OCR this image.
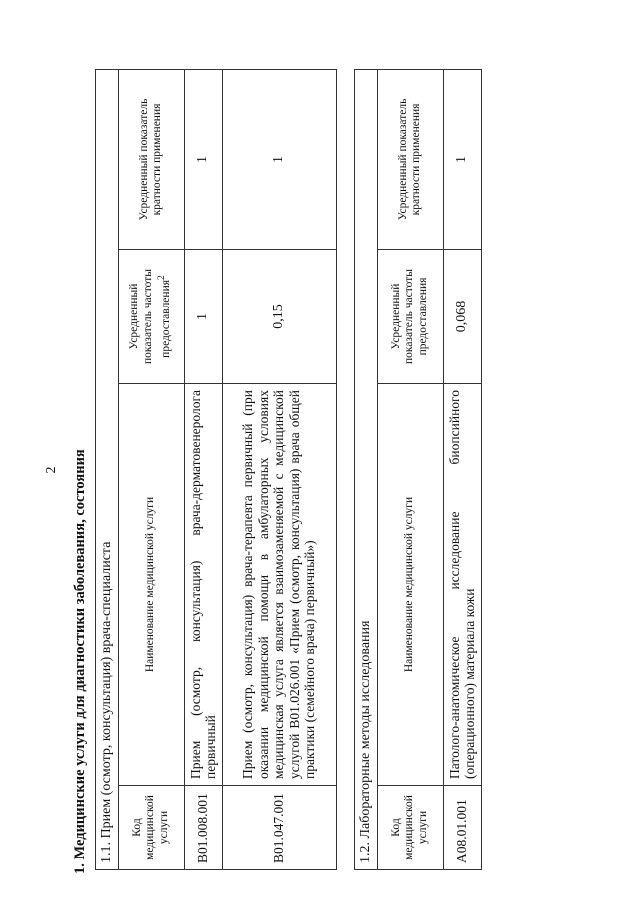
2 1. Медицинские услуги для диагностики заболевания, состояния 1.1. Прием (осмотр, консультация) врача-специалиста			
Код медицинской услуги	Наименование медицинской услуги	Усредненный показатель частоты предоставления$^2$	Усредненный показатель кратности применения
B01.008.001	Прием (осмотр, консультация) врача-дерматовенеролога первичный	1	1
B01.047.001	Прием (осмотр, консультация) врача-терапевта первичный (при оказании медицинской помощи в амбулаторных условиях медицинская услуга является взаимозаменяемой с медицинской услугой B01.026.001 «Прием (осмотр, консультация) врача общей практики (семейного врача) первичный»)	0,15	1
1.2. Лабораторные методы исследования			
Код медицинской услуги	Наименование медицинской услуги	Усредненный показатель частоты предоставления	Усредненный показатель кратности применения
A08.01.001	Патолого-анатомическое исследование биопсийного (операционного) материала кожи	0,068	1
